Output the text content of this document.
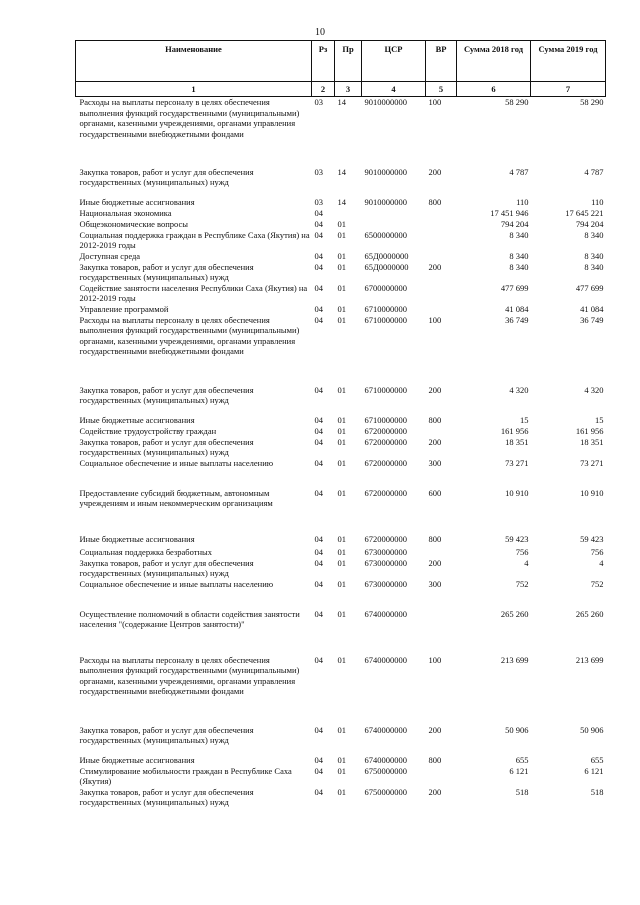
10
Наименование	Рз	Пр	ЦСР	ВР	Сумма 2018 год	Сумма 2019 год
1	2	3	4	5	6	7
Расходы на выплаты персоналу в целях обеспечения выполнения функций государственными (муниципальными) органами, казенными учреждениями, органами управления государственными внебюджетными фондами	03	14	9010000000	100	58 290	58 290
Закупка товаров, работ и услуг для обеспечения государственных (муниципальных) нужд	03	14	9010000000	200	4 787	4 787
Иные бюджетные ассигнования	03	14	9010000000	800	110	110
Национальная экономика	04				17 451 946	17 645 221
Общеэкономические вопросы	04	01			794 204	794 204
Социальная поддержка граждан в Республике Саха (Якутия) на 2012-2019 годы	04	01	6500000000		8 340	8 340
Доступная среда	04	01	65Д0000000		8 340	8 340
Закупка товаров, работ и услуг для обеспечения государственных (муниципальных) нужд	04	01	65Д0000000	200	8 340	8 340
Содействие занятости населения Республики Саха (Якутия) на 2012-2019 годы	04	01	6700000000		477 699	477 699
Управление программой	04	01	6710000000		41 084	41 084
Расходы на выплаты персоналу в целях обеспечения выполнения функций государственными (муниципальными) органами, казенными учреждениями, органами управления государственными внебюджетными фондами	04	01	6710000000	100	36 749	36 749
Закупка товаров, работ и услуг для обеспечения государственных (муниципальных) нужд	04	01	6710000000	200	4 320	4 320
Иные бюджетные ассигнования	04	01	6710000000	800	15	15
Содействие трудоустройству граждан	04	01	6720000000		161 956	161 956
Закупка товаров, работ и услуг для обеспечения государственных (муниципальных) нужд	04	01	6720000000	200	18 351	18 351
Социальное обеспечение и иные выплаты населению	04	01	6720000000	300	73 271	73 271
Предоставление субсидий бюджетным, автономным учреждениям и иным некоммерческим организациям	04	01	6720000000	600	10 910	10 910
Иные бюджетные ассигнования	04	01	6720000000	800	59 423	59 423
Социальная поддержка безработных	04	01	6730000000		756	756
Закупка товаров, работ и услуг для обеспечения государственных (муниципальных) нужд	04	01	6730000000	200	4	4
Социальное обеспечение и иные выплаты населению	04	01	6730000000	300	752	752
Осуществление полномочий в области содействия занятости населения "(содержание Центров занятости)"	04	01	6740000000		265 260	265 260
Расходы на выплаты персоналу в целях обеспечения выполнения функций государственными (муниципальными) органами, казенными учреждениями, органами управления государственными внебюджетными фондами	04	01	6740000000	100	213 699	213 699
Закупка товаров, работ и услуг для обеспечения государственных (муниципальных) нужд	04	01	6740000000	200	50 906	50 906
Иные бюджетные ассигнования	04	01	6740000000	800	655	655
Стимулирование мобильности граждан в Республике Саха (Якутия)	04	01	6750000000		6 121	6 121
Закупка товаров, работ и услуг для обеспечения государственных (муниципальных) нужд	04	01	6750000000	200	518	518
